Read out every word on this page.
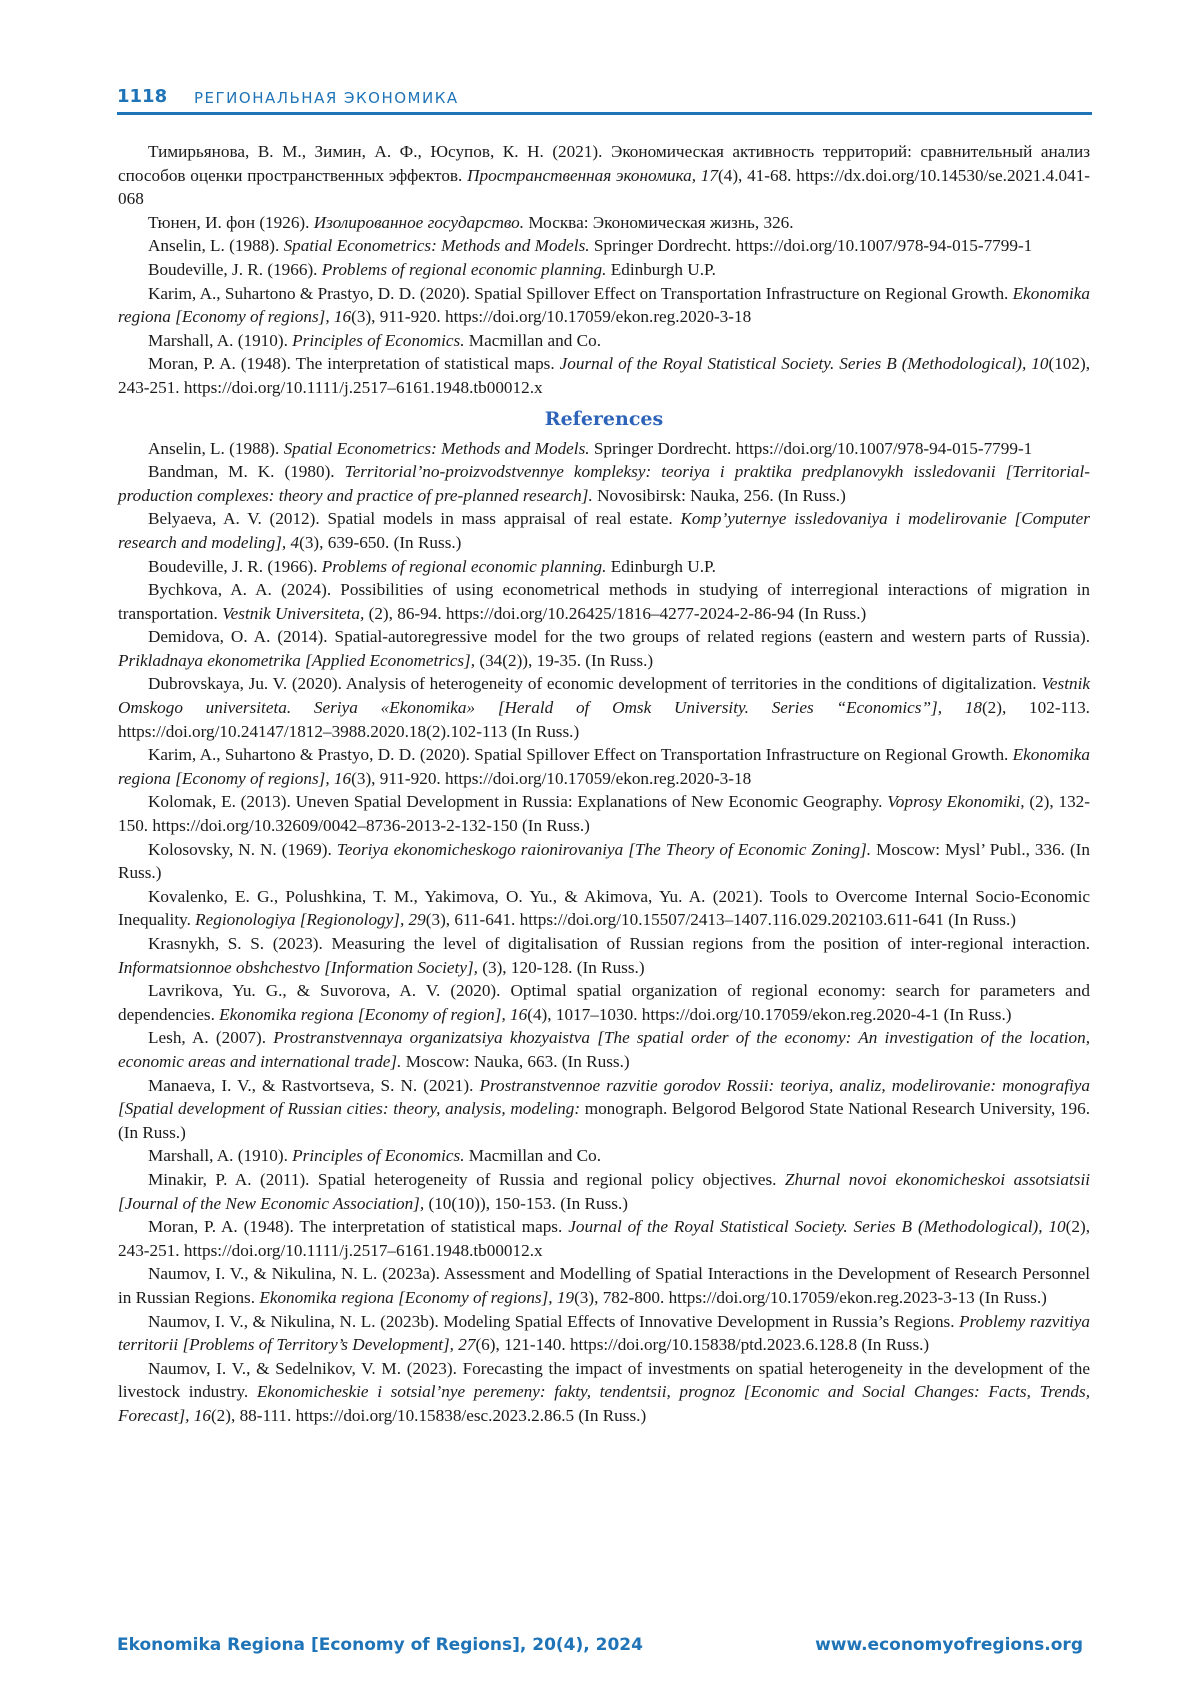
1118 РЕГИОНАЛЬНАЯ ЭКОНОМИКА

Тимирьянова, В. М., Зимин, А. Ф., Юсупов, К. Н. (2021). Экономическая активность территорий: сравнительный анализ способов оценки пространственных эффектов. Пространственная экономика, 17(4), 41-68. https://dx.doi.org/10.14530/se.2021.4.041-068

Тюнен, И. фон (1926). Изолированное государство. Москва: Экономическая жизнь, 326.

Anselin, L. (1988). Spatial Econometrics: Methods and Models. Springer Dordrecht. https://doi.org/10.1007/978-94-015-7799-1

Boudeville, J. R. (1966). Problems of regional economic planning. Edinburgh U.P.

Karim, A., Suhartono & Prastyo, D. D. (2020). Spatial Spillover Effect on Transportation Infrastructure on Regional Growth. Ekonomika regiona [Economy of regions], 16(3), 911-920. https://doi.org/10.17059/ekon.reg.2020-3-18

Marshall, A. (1910). Principles of Economics. Macmillan and Co.

Moran, P. A. (1948). The interpretation of statistical maps. Journal of the Royal Statistical Society. Series B (Methodological), 10(102), 243-251. https://doi.org/10.1111/j.2517–6161.1948.tb00012.x

References

Anselin, L. (1988). Spatial Econometrics: Methods and Models. Springer Dordrecht. https://doi.org/10.1007/978-94-015-7799-1

Bandman, M. K. (1980). Territorial’no-proizvodstvennye kompleksy: teoriya i praktika predplanovykh issledovanii [Territorial-production complexes: theory and practice of pre-planned research]. Novosibirsk: Nauka, 256. (In Russ.)

Belyaeva, A. V. (2012). Spatial models in mass appraisal of real estate. Komp’yuternye issledovaniya i modelirovanie [Computer research and modeling], 4(3), 639-650. (In Russ.)

Boudeville, J. R. (1966). Problems of regional economic planning. Edinburgh U.P.

Bychkova, A. A. (2024). Possibilities of using econometrical methods in studying of interregional interactions of migration in transportation. Vestnik Universiteta, (2), 86-94. https://doi.org/10.26425/1816–4277-2024-2-86-94 (In Russ.)

Demidova, O. A. (2014). Spatial-autoregressive model for the two groups of related regions (eastern and western parts of Russia). Prikladnaya ekonometrika [Applied Econometrics], (34(2)), 19-35. (In Russ.)

Dubrovskaya, Ju. V. (2020). Analysis of heterogeneity of economic development of territories in the conditions of digitalization. Vestnik Omskogo universiteta. Seriya «Ekonomika» [Herald of Omsk University. Series “Economics”], 18(2), 102-113. https://doi.org/10.24147/1812–3988.2020.18(2).102-113 (In Russ.)

Karim, A., Suhartono & Prastyo, D. D. (2020). Spatial Spillover Effect on Transportation Infrastructure on Regional Growth. Ekonomika regiona [Economy of regions], 16(3), 911-920. https://doi.org/10.17059/ekon.reg.2020-3-18

Kolomak, E. (2013). Uneven Spatial Development in Russia: Explanations of New Economic Geography. Voprosy Ekonomiki, (2), 132-150. https://doi.org/10.32609/0042–8736-2013-2-132-150 (In Russ.)

Kolosovsky, N. N. (1969). Teoriya ekonomicheskogo raionirovaniya [The Theory of Economic Zoning]. Moscow: Mysl’ Publ., 336. (In Russ.)

Kovalenko, E. G., Polushkina, T. M., Yakimova, O. Yu., & Akimova, Yu. A. (2021). Tools to Overcome Internal Socio-Economic Inequality. Regionologiya [Regionology], 29(3), 611-641. https://doi.org/10.15507/2413–1407.116.029.202103.611-641 (In Russ.)

Krasnykh, S. S. (2023). Measuring the level of digitalisation of Russian regions from the position of inter-regional interaction. Informatsionnoe obshchestvo [Information Society], (3), 120-128. (In Russ.)

Lavrikova, Yu. G., & Suvorova, A. V. (2020). Optimal spatial organization of regional economy: search for parameters and dependencies. Ekonomika regiona [Economy of region], 16(4), 1017–1030. https://doi.org/10.17059/ekon.reg.2020-4-1 (In Russ.)

Lesh, A. (2007). Prostranstvennaya organizatsiya khozyaistva [The spatial order of the economy: An investigation of the location, economic areas and international trade]. Moscow: Nauka, 663. (In Russ.)

Manaeva, I. V., & Rastvortseva, S. N. (2021). Prostranstvennoe razvitie gorodov Rossii: teoriya, analiz, modelirovanie: monografiya [Spatial development of Russian cities: theory, analysis, modeling: monograph. Belgorod Belgorod State National Research University, 196. (In Russ.)

Marshall, A. (1910). Principles of Economics. Macmillan and Co.

Minakir, P. A. (2011). Spatial heterogeneity of Russia and regional policy objectives. Zhurnal novoi ekonomicheskoi assotsiatsii [Journal of the New Economic Association], (10(10)), 150-153. (In Russ.)

Moran, P. A. (1948). The interpretation of statistical maps. Journal of the Royal Statistical Society. Series B (Methodological), 10(2), 243-251. https://doi.org/10.1111/j.2517–6161.1948.tb00012.x

Naumov, I. V., & Nikulina, N. L. (2023a). Assessment and Modelling of Spatial Interactions in the Development of Research Personnel in Russian Regions. Ekonomika regiona [Economy of regions], 19(3), 782-800. https://doi.org/10.17059/ekon.reg.2023-3-13 (In Russ.)

Naumov, I. V., & Nikulina, N. L. (2023b). Modeling Spatial Effects of Innovative Development in Russia’s Regions. Problemy razvitiya territorii [Problems of Territory’s Development], 27(6), 121-140. https://doi.org/10.15838/ptd.2023.6.128.8 (In Russ.)

Naumov, I. V., & Sedelnikov, V. M. (2023). Forecasting the impact of investments on spatial heterogeneity in the development of the livestock industry. Ekonomicheskie i sotsial’nye peremeny: fakty, tendentsii, prognoz [Economic and Social Changes: Facts, Trends, Forecast], 16(2), 88-111. https://doi.org/10.15838/esc.2023.2.86.5 (In Russ.)

Ekonomika Regiona [Economy of Regions], 20(4), 2024	www.economyofregions.org
